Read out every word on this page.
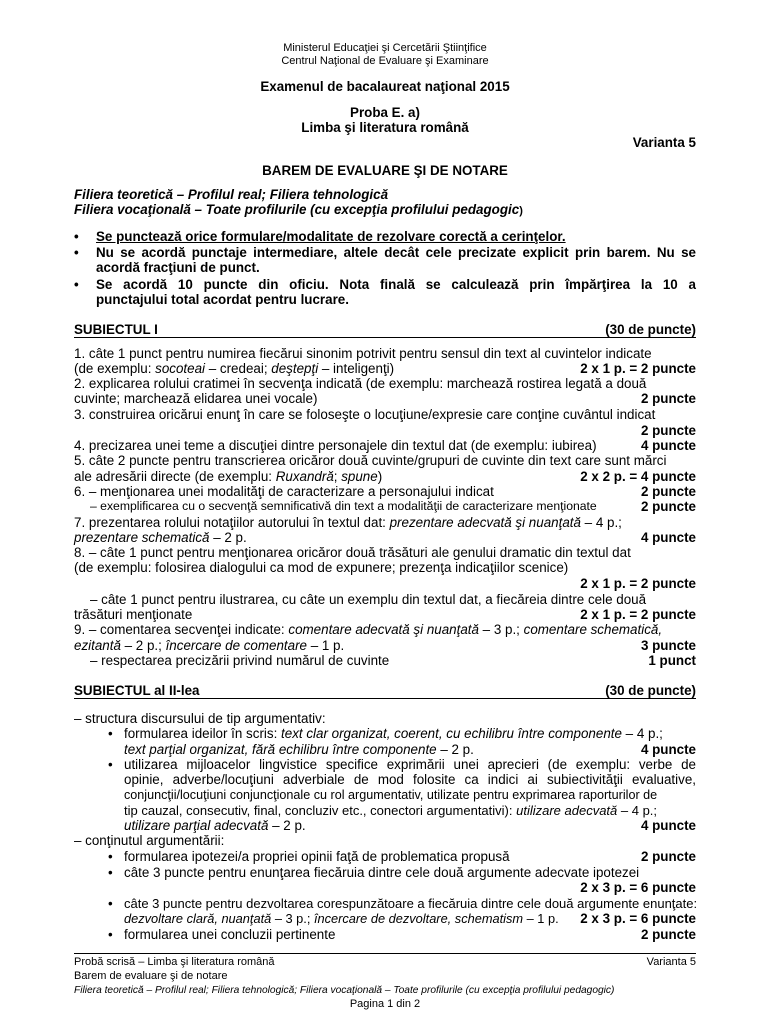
Ministerul Educaţiei şi Cercetării Ştiinţifice
Centrul Naţional de Evaluare şi Examinare
Examenul de bacalaureat naţional 2015
Proba E. a)
Limba şi literatura română
Varianta 5
BAREM DE EVALUARE ŞI DE NOTARE
Filiera teoretică – Profilul real; Filiera tehnologică
Filiera vocaţională – Toate profilurile (cu excepţia profilului pedagogic)
• Se punctează orice formulare/modalitate de rezolvare corectă a cerinţelor.
• Nu se acordă punctaje intermediare, altele decât cele precizate explicit prin barem. Nu se
acordă fracţiuni de punct.
• Se acordă 10 puncte din oficiu. Nota finală se calculează prin împărţirea la 10 a
punctajului total acordat pentru lucrare.
SUBIECTUL I	(30 de puncte)
1. câte 1 punct pentru numirea fiecărui sinonim potrivit pentru sensul din text al cuvintelor indicate
(de exemplu: socoteai – credeai; deştepţi – inteligenţi)	2 x 1 p. = 2 puncte
2. explicarea rolului cratimei în secvenţa indicată (de exemplu: marchează rostirea legată a două
cuvinte; marchează elidarea unei vocale)	2 puncte
3. construirea oricărui enunţ în care se foloseşte o locuţiune/expresie care conţine cuvântul indicat
2 puncte
4. precizarea unei teme a discuţiei dintre personajele din textul dat (de exemplu: iubirea)	4 puncte
5. câte 2 puncte pentru transcrierea oricăror două cuvinte/grupuri de cuvinte din text care sunt mărci
ale adresării directe (de exemplu: Ruxandră; spune)	2 x 2 p. = 4 puncte
6. – menţionarea unei modalităţi de caracterizare a personajului indicat	2 puncte
– exemplificarea cu o secvenţă semnificativă din text a modalităţii de caracterizare menţionate	2 puncte
7. prezentarea rolului notaţiilor autorului în textul dat: prezentare adecvată şi nuanţată – 4 p.;
prezentare schematică – 2 p.	4 puncte
8. – câte 1 punct pentru menţionarea oricăror două trăsături ale genului dramatic din textul dat
(de exemplu: folosirea dialogului ca mod de expunere; prezenţa indicaţiilor scenice)
2 x 1 p. = 2 puncte
– câte 1 punct pentru ilustrarea, cu câte un exemplu din textul dat, a fiecăreia dintre cele două
trăsături menţionate	2 x 1 p. = 2 puncte
9. – comentarea secvenţei indicate: comentare adecvată şi nuanţată – 3 p.; comentare schematică,
ezitantă – 2 p.; încercare de comentare – 1 p.	3 puncte
– respectarea precizării privind numărul de cuvinte	1 punct
SUBIECTUL al II-lea	(30 de puncte)
– structura discursului de tip argumentativ:
• formularea ideilor în scris: text clar organizat, coerent, cu echilibru între componente – 4 p.;
text parţial organizat, fără echilibru între componente – 2 p.	4 puncte
• utilizarea mijloacelor lingvistice specifice exprimării unei aprecieri (de exemplu: verbe de
opinie, adverbe/locuţiuni adverbiale de mod folosite ca indici ai subiectivităţii evaluative,
conjuncţii/locuţiuni conjuncţionale cu rol argumentativ, utilizate pentru exprimarea raporturilor de
tip cauzal, consecutiv, final, concluziv etc., conectori argumentativi): utilizare adecvată – 4 p.;
utilizare parţial adecvată – 2 p.	4 puncte
– conţinutul argumentării:
• formularea ipotezei/a propriei opinii faţă de problematica propusă	2 puncte
• câte 3 puncte pentru enunţarea fiecăruia dintre cele două argumente adecvate ipotezei
2 x 3 p. = 6 puncte
• câte 3 puncte pentru dezvoltarea corespunzătoare a fiecăruia dintre cele două argumente enunţate:
dezvoltare clară, nuanţată – 3 p.; încercare de dezvoltare, schematism – 1 p. 2 x 3 p. = 6 puncte
• formularea unei concluzii pertinente	2 puncte
Probă scrisă – Limba şi literatura română	Varianta 5
Barem de evaluare şi de notare
Filiera teoretică – Profilul real; Filiera tehnologică; Filiera vocaţională – Toate profilurile (cu excepţia profilului pedagogic)
Pagina 1 din 2
